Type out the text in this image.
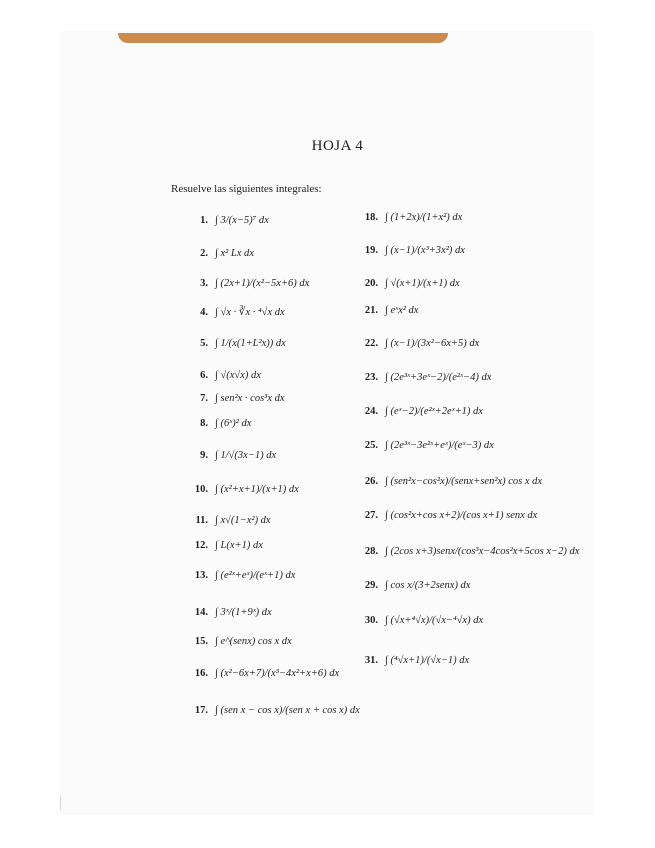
HOJA 4
Resuelve las siguientes integrales:
1. ∫ 3/(x−5)⁷ dx
2. ∫ x² Lx dx
3. ∫ (2x+1)/(x²−5x+6) dx
4. ∫ √x · ∛x · ⁴√x dx
5. ∫ 1/(x(1+L²x)) dx
6. ∫ √(x√x) dx
7. ∫ sen²x · cos³x dx
8. ∫ (6ˣ)² dx
9. ∫ 1/√(3x−1) dx
10. ∫ (x²+x+1)/(x+1) dx
11. ∫ x√(1−x²) dx
12. ∫ L(x+1) dx
13. ∫ (e²ˣ+eˣ)/(eˣ+1) dx
14. ∫ 3ˣ/(1+9ˣ) dx
15. ∫ e^(senx) cos x dx
16. ∫ (x²−6x+7)/(x³−4x²+x+6) dx
17. ∫ (sen x − cos x)/(sen x + cos x) dx
18. ∫ (1+2x)/(1+x²) dx
19. ∫ (x−1)/(x³+3x²) dx
20. ∫ √(x+1)/(x+1) dx
21. ∫ eˣx² dx
22. ∫ (x−1)/(3x²−6x+5) dx
23. ∫ (2e³ˣ+3eˣ−2)/(e²ˣ−4) dx
24. ∫ (eˣ−2)/(e²ˣ+2eˣ+1) dx
25. ∫ (2e³ˣ−3e²ˣ+eˣ)/(eˣ−3) dx
26. ∫ (sen²x−cos²x)/(senx+sen²x) cos x dx
27. ∫ (cos²x+cos x+2)/(cos x+1) senx dx
28. ∫ (2cos x+3)senx/(cos³x−4cos²x+5cos x−2) dx
29. ∫ cos x/(3+2senx) dx
30. ∫ (√x+⁴√x)/(√x−⁴√x) dx
31. ∫ (⁴√x+1)/(√x−1) dx
